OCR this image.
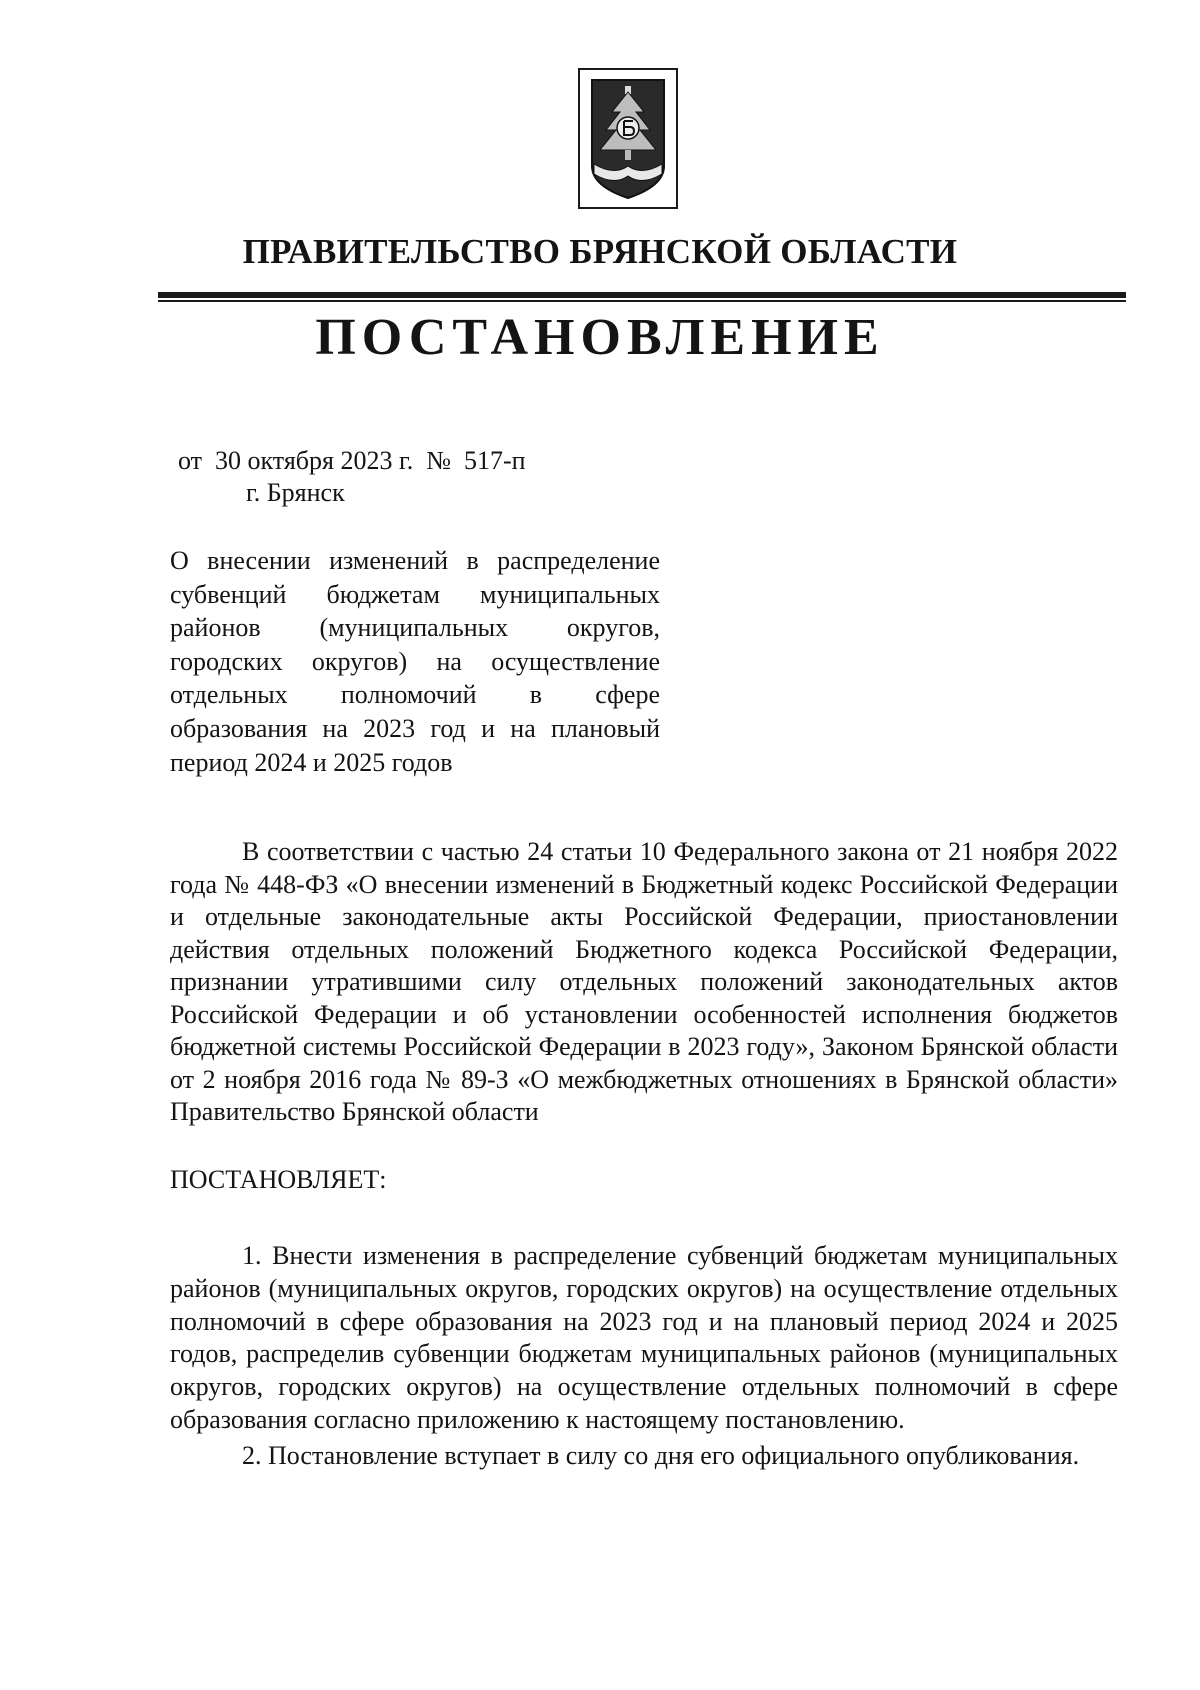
ПРАВИТЕЛЬСТВО БРЯНСКОЙ ОБЛАСТИ
ПОСТАНОВЛЕНИЕ
от  30 октября 2023 г.  №  517-п
г. Брянск
О внесении изменений в распределение субвенций бюджетам муниципальных районов (муниципальных округов, городских округов) на осуществление отдельных полномочий в сфере образования на 2023 год и на плановый период 2024 и 2025 годов

В соответствии с частью 24 статьи 10 Федерального закона от 21 ноября 2022 года № 448-ФЗ «О внесении изменений в Бюджетный кодекс Российской Федерации и отдельные законодательные акты Российской Федерации, приостановлении действия отдельных положений Бюджетного кодекса Российской Федерации, признании утратившими силу отдельных положений законодательных актов Российской Федерации и об установлении особенностей исполнения бюджетов бюджетной системы Российской Федерации в 2023 году», Законом Брянской области от 2 ноября 2016 года № 89-З «О межбюджетных отношениях в Брянской области» Правительство Брянской области

ПОСТАНОВЛЯЕТ:

1. Внести изменения в распределение субвенций бюджетам муниципальных районов (муниципальных округов, городских округов) на осуществление отдельных полномочий в сфере образования на 2023 год и на плановый период 2024 и 2025 годов, распределив субвенции бюджетам муниципальных районов (муниципальных округов, городских округов) на осуществление отдельных полномочий в сфере образования согласно приложению к настоящему постановлению.

2. Постановление вступает в силу со дня его официального опубликования.
